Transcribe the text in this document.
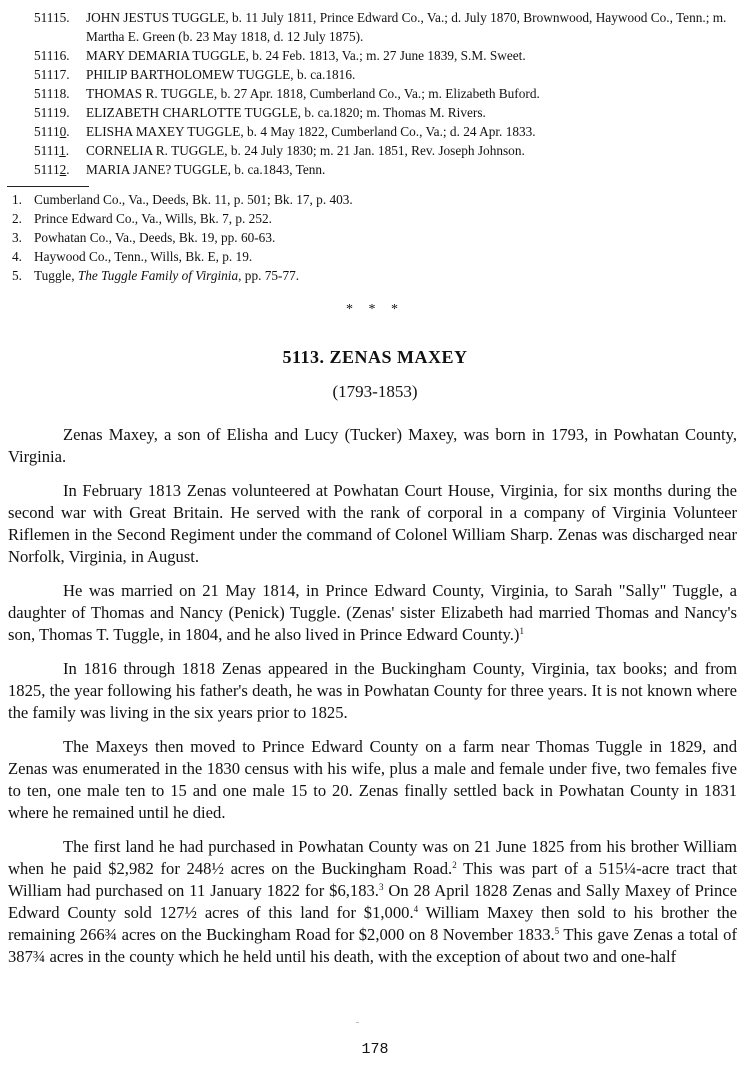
51115. JOHN JESTUS TUGGLE, b. 11 July 1811, Prince Edward Co., Va.; d. July 1870, Brownwood, Haywood Co., Tenn.; m. Martha E. Green (b. 23 May 1818, d. 12 July 1875).
51116. MARY DEMARIA TUGGLE, b. 24 Feb. 1813, Va.; m. 27 June 1839, S.M. Sweet.
51117. PHILIP BARTHOLOMEW TUGGLE, b. ca.1816.
51118. THOMAS R. TUGGLE, b. 27 Apr. 1818, Cumberland Co., Va.; m. Elizabeth Buford.
51119. ELIZABETH CHARLOTTE TUGGLE, b. ca.1820; m. Thomas M. Rivers.
51110. ELISHA MAXEY TUGGLE, b. 4 May 1822, Cumberland Co., Va.; d. 24 Apr. 1833.
51111. CORNELIA R. TUGGLE, b. 24 July 1830; m. 21 Jan. 1851, Rev. Joseph Johnson.
51112. MARIA JANE? TUGGLE, b. ca.1843, Tenn.
1. Cumberland Co., Va., Deeds, Bk. 11, p. 501; Bk. 17, p. 403.
2. Prince Edward Co., Va., Wills, Bk. 7, p. 252.
3. Powhatan Co., Va., Deeds, Bk. 19, pp. 60-63.
4. Haywood Co., Tenn., Wills, Bk. E, p. 19.
5. Tuggle, The Tuggle Family of Virginia, pp. 75-77.
* * *
5113. ZENAS MAXEY
(1793-1853)

Zenas Maxey, a son of Elisha and Lucy (Tucker) Maxey, was born in 1793, in Powhatan County, Virginia.

In February 1813 Zenas volunteered at Powhatan Court House, Virginia, for six months during the second war with Great Britain. He served with the rank of corporal in a company of Virginia Volunteer Riflemen in the Second Regiment under the command of Colonel William Sharp. Zenas was discharged near Norfolk, Virginia, in August.

He was married on 21 May 1814, in Prince Edward County, Virginia, to Sarah "Sally" Tuggle, a daughter of Thomas and Nancy (Penick) Tuggle. (Zenas' sister Elizabeth had married Thomas and Nancy's son, Thomas T. Tuggle, in 1804, and he also lived in Prince Edward County.)$^1$

In 1816 through 1818 Zenas appeared in the Buckingham County, Virginia, tax books; and from 1825, the year following his father's death, he was in Powhatan County for three years. It is not known where the family was living in the six years prior to 1825.

The Maxeys then moved to Prince Edward County on a farm near Thomas Tuggle in 1829, and Zenas was enumerated in the 1830 census with his wife, plus a male and female under five, two females five to ten, one male ten to 15 and one male 15 to 20. Zenas finally settled back in Powhatan County in 1831 where he remained until he died.

The first land he had purchased in Powhatan County was on 21 June 1825 from his brother William when he paid $2,982 for 248½ acres on the Buckingham Road.$^2$ This was part of a 515¼-acre tract that William had purchased on 11 January 1822 for $6,183.$^3$ On 28 April 1828 Zenas and Sally Maxey of Prince Edward County sold 127½ acres of this land for $1,000.$^4$ William Maxey then sold to his brother the remaining 266¾ acres on the Buckingham Road for $2,000 on 8 November 1833.$^5$ This gave Zenas a total of 387¾ acres in the county which he held until his death, with the exception of about two and one-half

178
